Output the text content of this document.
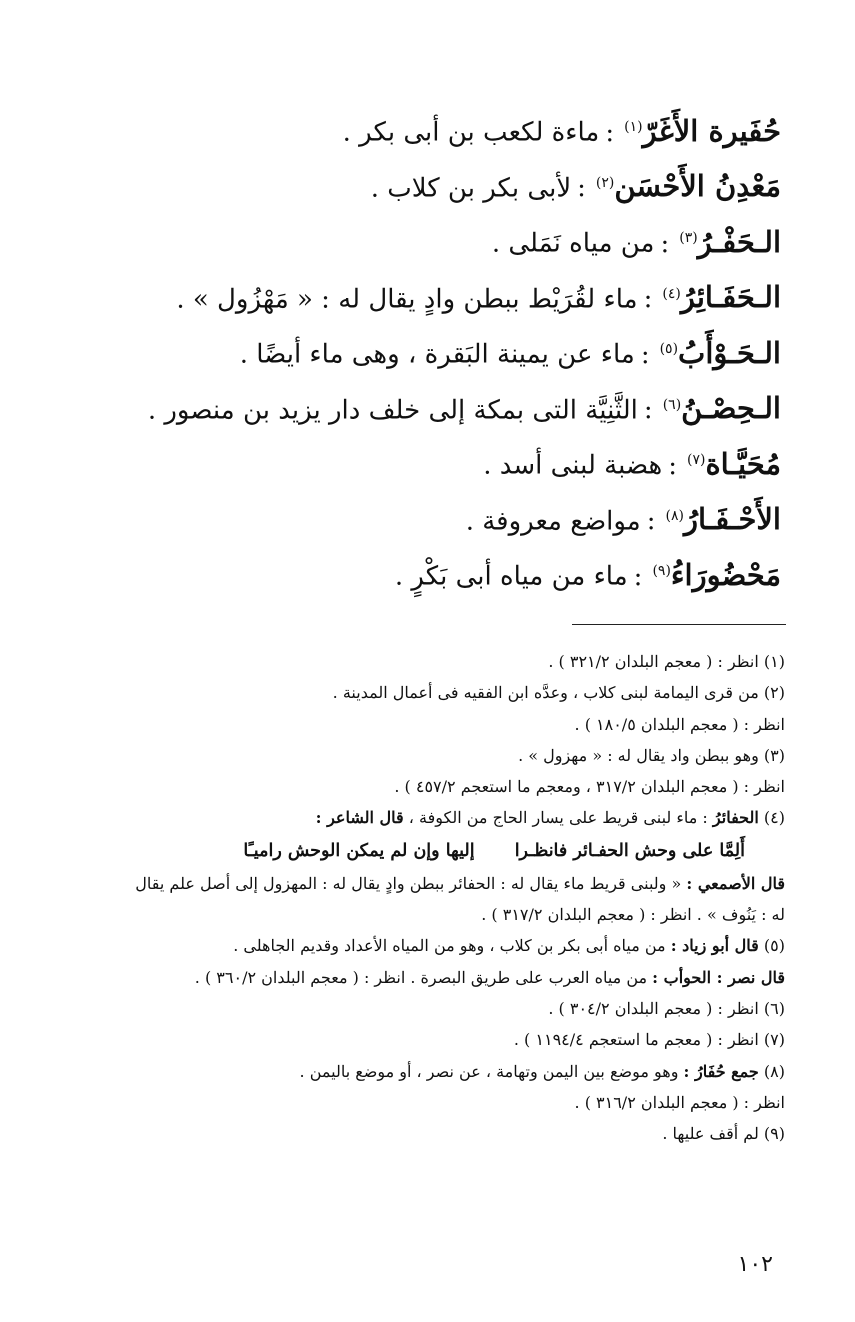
حُفَيرة الأَغَرّ$^{(١)}$:ماءة لكعب بن أبى بكر .
مَعْدِنُ الأَحْسَن$^{(٢)}$:لأبى بكر بن كلاب .
الـحَفْـرُ$^{(٣)}$:من مياه نَمَلى .
الـحَفَـائِرُ$^{(٤)}$:ماء لقُرَيْط ببطن وادٍ يقال له : « مَهْزُول » .
الـحَـوْأَبُ$^{(٥)}$:ماء عن يمينة البَقرة ، وهى ماء أيضًا .
الـحِصْـنُ$^{(٦)}$:الثَّنِيَّة التى بمكة إلى خلف دار يزيد بن منصور .
مُحَيَّـاة$^{(٧)}$:هضبة لبنى أسد .
الأَحْـفَـارُ$^{(٨)}$:مواضع معروفة .
مَحْضُورَاءُ$^{(٩)}$:ماء من مياه أبى بَكْرٍ .
(١) انظر : ( معجم البلدان ٣٢١/٢ ) .
(٢) من قرى اليمامة لبنى كلاب ، وعدَّه ابن الفقيه فى أعمال المدينة .
انظر : ( معجم البلدان ١٨٠/٥ ) .
(٣) وهو ببطن واد يقال له : « مهزول » .
انظر : ( معجم البلدان ٣١٧/٢ ، ومعجم ما استعجم ٤٥٧/٢ ) .
(٤) الحفائرُ : ماء لبنى قريط على يسار الحاج من الكوفة ، قال الشاعر :
أَلِمَّا على وحش الحفـائر فانظـرا إليها وإن لم يمكن الوحش راميـًا
قال الأصمعي : « ولبنى قريط ماء يقال له : الحفائر ببطن وادٍ يقال له : المهزول إلى أصل علم يقال
له : يَنُوف » . انظر : ( معجم البلدان ٣١٧/٢ ) .
(٥) قال أبو زياد : من مياه أبى بكر بن كلاب ، وهو من المياه الأعداد وقديم الجاهلى .
قال نصر : الحوأب : من مياه العرب على طريق البصرة . انظر : ( معجم البلدان ٣٦٠/٢ ) .
(٦) انظر : ( معجم البلدان ٣٠٤/٢ ) .
(٧) انظر : ( معجم ما استعجم ١١٩٤/٤ ) .
(٨) جمع حُفَارُ : وهو موضع بين اليمن وتهامة ، عن نصر ، أو موضع باليمن .
انظر : ( معجم البلدان ٣١٦/٢ ) .
(٩) لم أقف عليها .
١٠٢
